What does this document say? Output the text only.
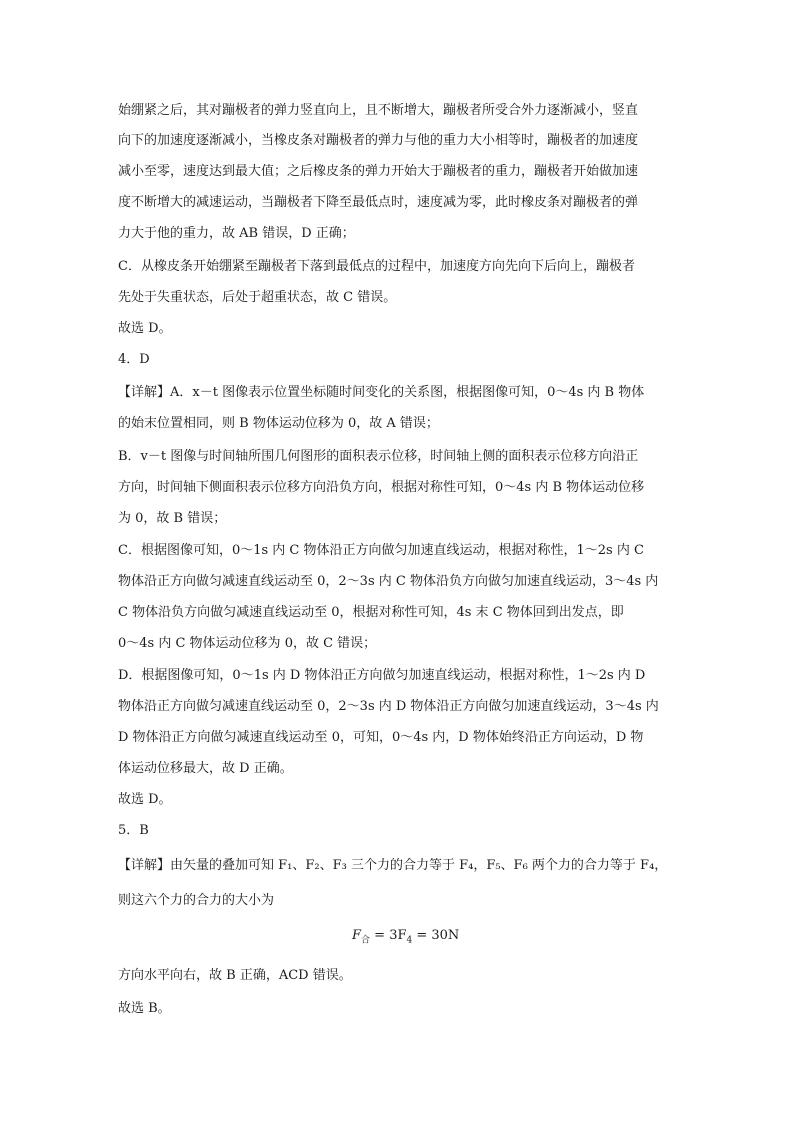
始绷紧之后，其对蹦极者的弹力竖直向上，且不断增大，蹦极者所受合外力逐渐减小，竖直
向下的加速度逐渐减小，当橡皮条对蹦极者的弹力与他的重力大小相等时，蹦极者的加速度
减小至零，速度达到最大值；之后橡皮条的弹力开始大于蹦极者的重力，蹦极者开始做加速
度不断增大的减速运动，当蹦极者下降至最低点时，速度减为零，此时橡皮条对蹦极者的弹
力大于他的重力，故 AB 错误，D 正确；
C．从橡皮条开始绷紧至蹦极者下落到最低点的过程中，加速度方向先向下后向上，蹦极者
先处于失重状态，后处于超重状态，故 C 错误。
故选 D。
4．D
【详解】A．x－t 图像表示位置坐标随时间变化的关系图，根据图像可知，0～4s 内 B 物体
的始末位置相同，则 B 物体运动位移为 0，故 A 错误；
B．v－t 图像与时间轴所围几何图形的面积表示位移，时间轴上侧的面积表示位移方向沿正
方向，时间轴下侧面积表示位移方向沿负方向，根据对称性可知，0～4s 内 B 物体运动位移
为 0，故 B 错误；
C．根据图像可知，0～1s 内 C 物体沿正方向做匀加速直线运动，根据对称性，1～2s 内 C
物体沿正方向做匀减速直线运动至 0，2～3s 内 C 物体沿负方向做匀加速直线运动，3～4s 内
C 物体沿负方向做匀减速直线运动至 0，根据对称性可知，4s 末 C 物体回到出发点，即
0～4s 内 C 物体运动位移为 0，故 C 错误；
D．根据图像可知，0～1s 内 D 物体沿正方向做匀加速直线运动，根据对称性，1～2s 内 D
物体沿正方向做匀减速直线运动至 0，2～3s 内 D 物体沿正方向做匀加速直线运动，3～4s 内
D 物体沿正方向做匀减速直线运动至 0，可知，0～4s 内，D 物体始终沿正方向运动，D 物
体运动位移最大，故 D 正确。
故选 D。
5．B
【详解】由矢量的叠加可知 F₁、F₂、F₃ 三个力的合力等于 F₄，F₅、F₆ 两个力的合力等于 F₄，
则这六个力的合力的大小为
$F_合 = 3F_4 = 30N$
方向水平向右，故 B 正确，ACD 错误。
故选 B。
